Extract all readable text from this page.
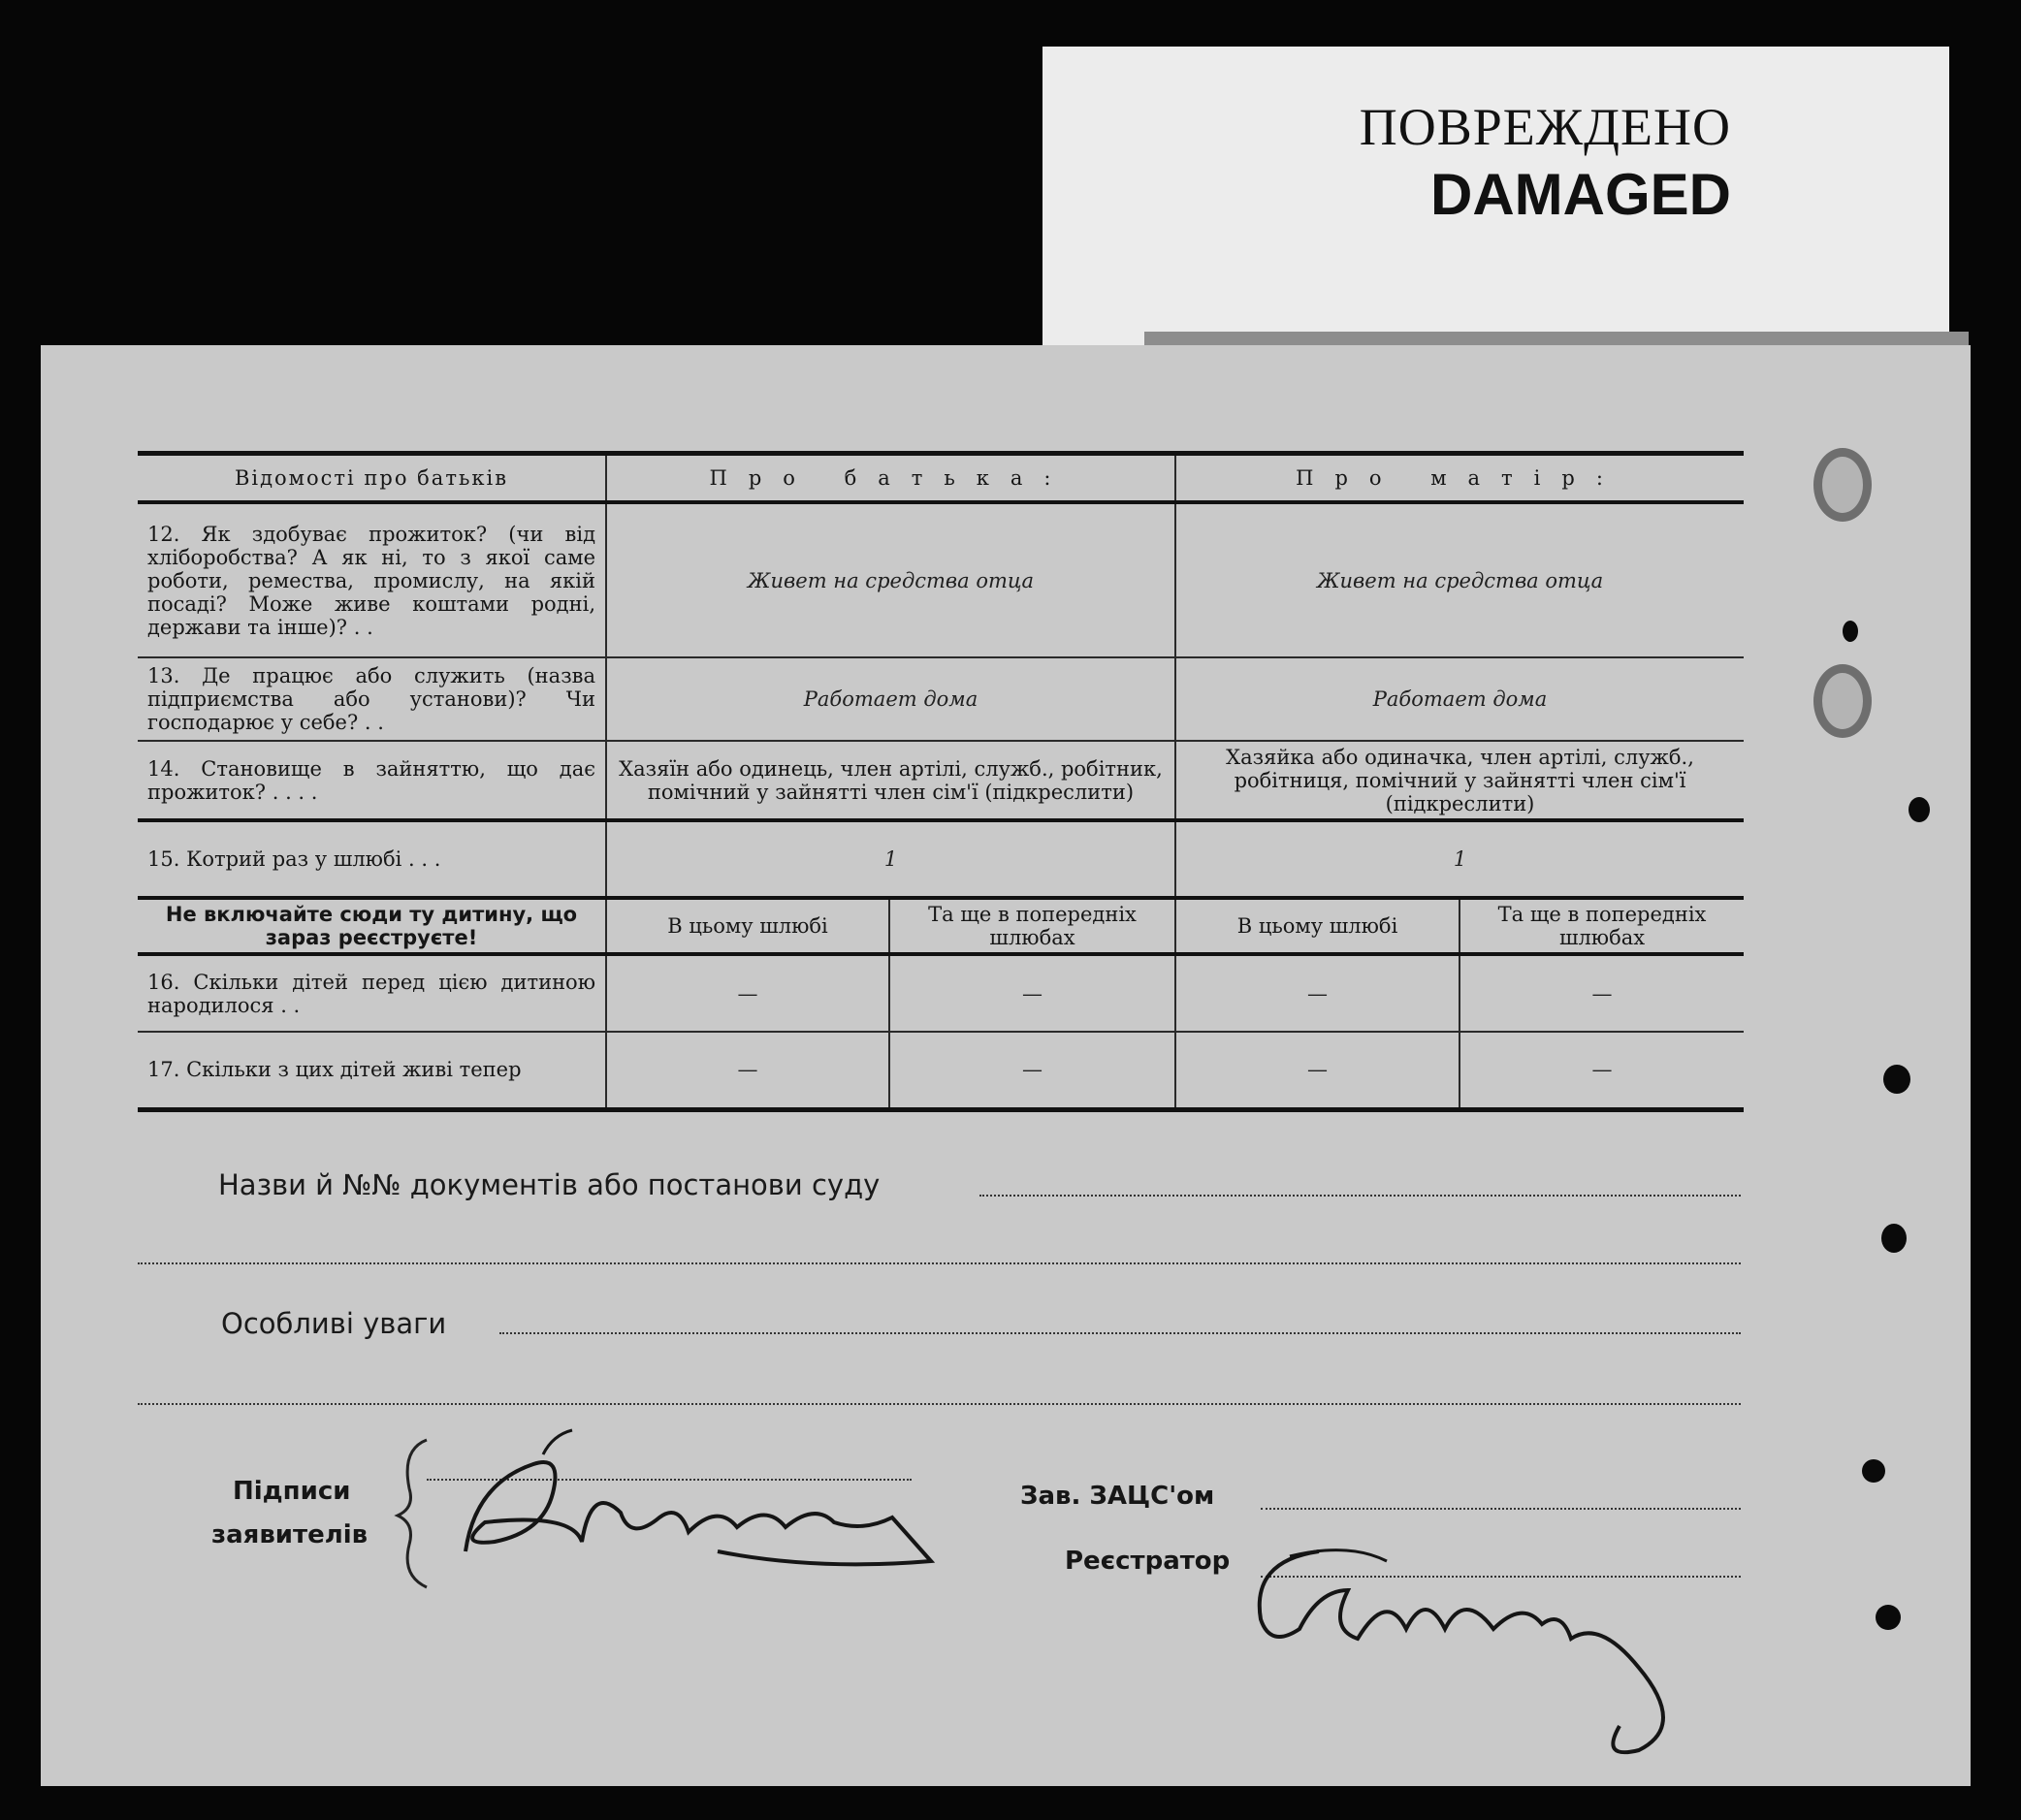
ПОВРЕЖДЕНО
DAMAGED
Відомості про батьків	Про батька:		Про матір:	
12. Як здобуває прожиток? (чи від хліборобства? А як ні, то з якої саме роботи, ремества, промислу, на якій посаді? Може живе коштами родні, держави та інше)? . .	Живет на средства отца		Живет на средства отца	
13. Де працює або служить (назва підприємства або установи)? Чи господарює у себе? . .	Работает дома		Работает дома	
14. Становище в зайняттю, що дає прожиток? . . . .	Хазяїн або одинець, член артілі, служб., робітник, помічний у зайнятті член сім'ї (підкреслити)		Хазяйка або одиначка, член артілі, служб., робітниця, помічний у зайнятті член сім'ї (підкреслити)	
15. Котрий раз у шлюбі . . .	1		1	
Не включайте сюди ту дитину, що зараз реєструєте!	В цьому шлюбі	Та ще в попередніх шлюбах	В цьому шлюбі	Та ще в попередніх шлюбах
16. Скільки дітей перед цією дитиною народилося . .	—	—	—	—
17. Скільки з цих дітей живі тепер	—	—	—	—
Назви й №№ документів або постанови суду
Особливі уваги
Підписи
заявителів
Зав. ЗАЦС'ом
Реєстратор
